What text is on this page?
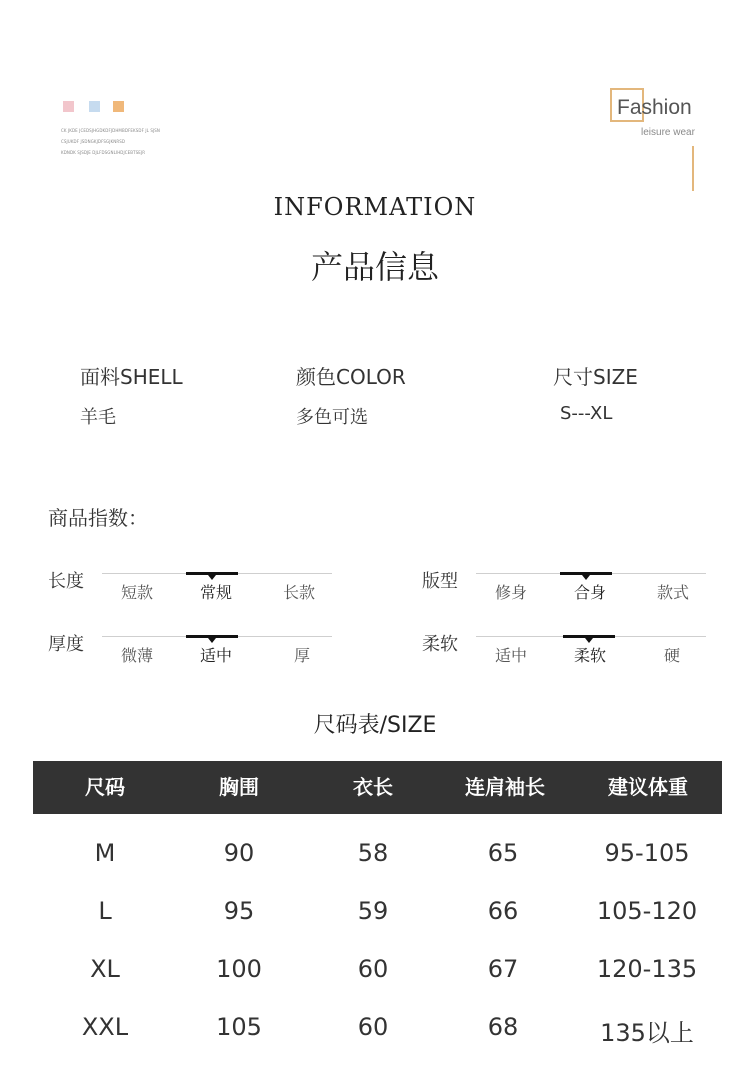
CK JKDE JCEDSJHGDKDFJDHMBDFEKSDF JL SJSN
CSJUKDF JSDNGKJDFSGJKNRSD
KDNDK SJSDJE DJLFDSGNLIHDJCEBTSEJR
Fashion
leisure wear
INFORMATION
产品信息
面料SHELL
羊毛
颜色COLOR
多色可选
尺寸SIZE
S---XL
商品指数：
长度
短款	常规	长款
版型
修身	合身	款式
厚度
微薄	适中	厚
柔软
适中	柔软	硬
尺码表/SIZE
尺码	胸围	衣长	连肩袖长	建议体重
M	90	58	65	95-105
L	95	59	66	105-120
XL	100	60	67	120-135
XXL	105	60	68	135以上
